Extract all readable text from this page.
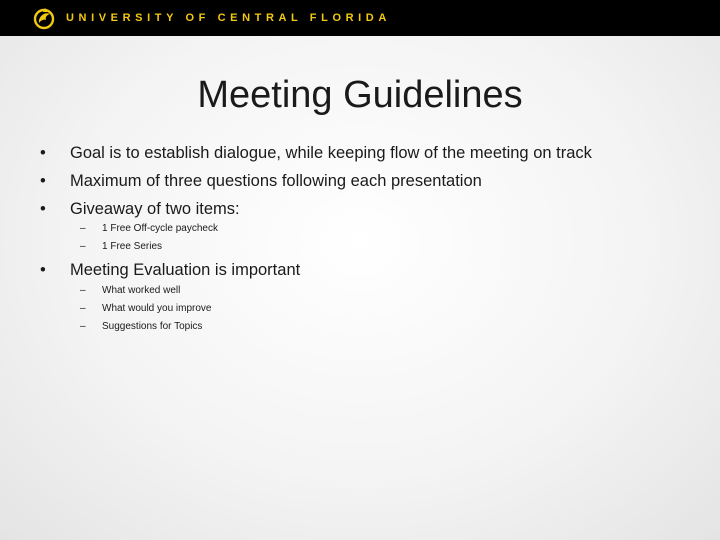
UNIVERSITY OF CENTRAL FLORIDA
Meeting Guidelines
• Goal is to establish dialogue, while keeping flow of the meeting on track
• Maximum of three questions following each presentation
• Giveaway of two items:
– 1 Free Off-cycle paycheck
– 1 Free Series
• Meeting Evaluation is important
– What worked well
– What would you improve
– Suggestions for Topics
